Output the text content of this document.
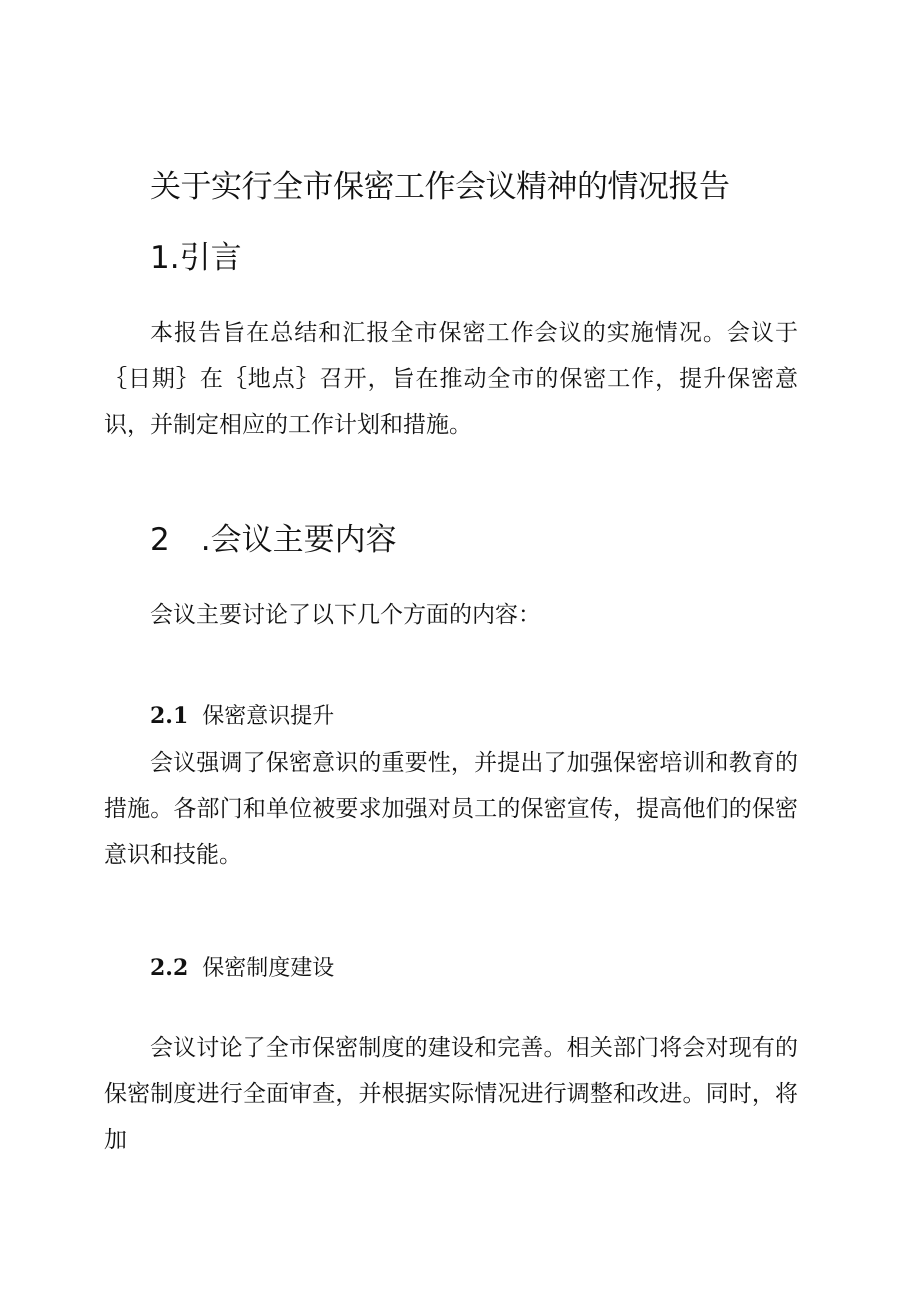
关于实行全市保密工作会议精神的情况报告
1.引言

本报告旨在总结和汇报全市保密工作会议的实施情况。会议于｛日期｝在｛地点｝召开，旨在推动全市的保密工作，提升保密意识，并制定相应的工作计划和措施。

2 .会议主要内容

会议主要讨论了以下几个方面的内容：

2.1 保密意识提升

会议强调了保密意识的重要性，并提出了加强保密培训和教育的措施。各部门和单位被要求加强对员工的保密宣传，提高他们的保密意识和技能。

2.2 保密制度建设

会议讨论了全市保密制度的建设和完善。相关部门将会对现有的保密制度进行全面审查，并根据实际情况进行调整和改进。同时，将加
